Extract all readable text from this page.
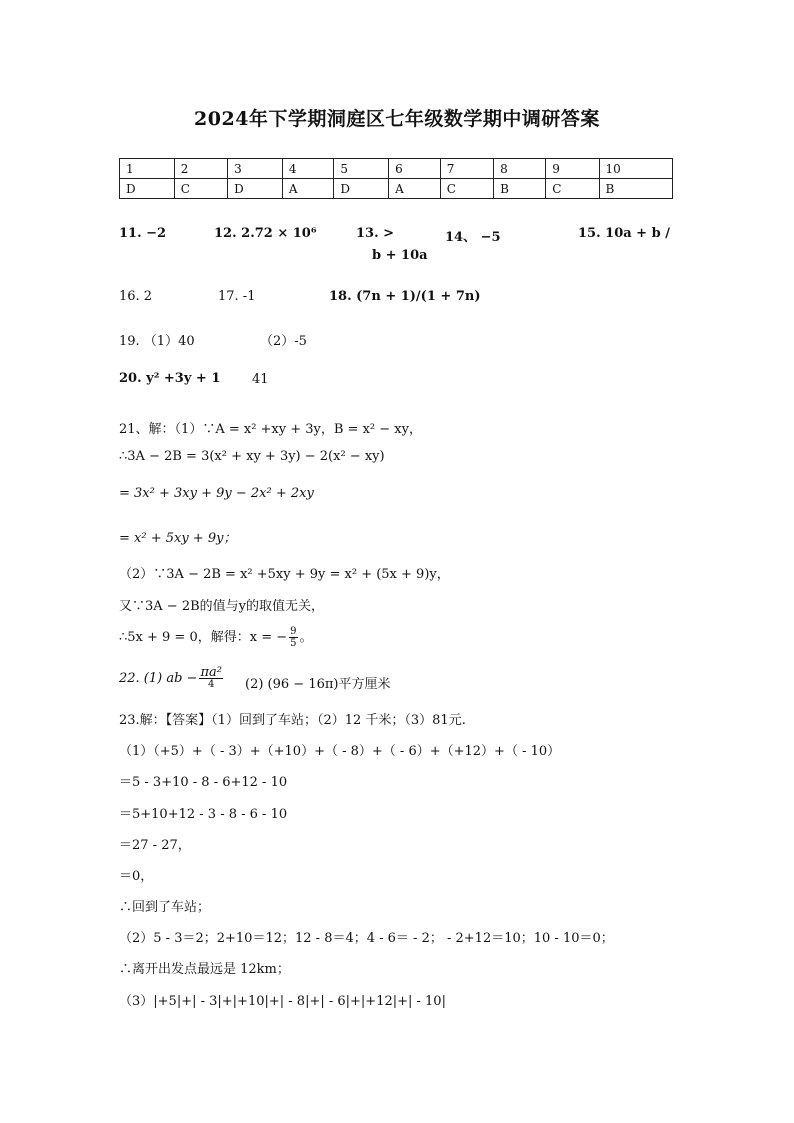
2024年下学期洞庭区七年级数学期中调研答案
1	2	3	4	5	6	7	8	9	10
D	C	D	A	D	A	C	B	C	B
11. −2	12. 2.72 × 10⁶	13. >	14、 −5	15. 10a + b /
b + 10a
16. 2	17. -1	18. (7n + 1)/(1 + 7n)
19. （1）40	（2）-5
20. y² +3y + 1 41
21、解：（1）∵A = x² +xy + 3y，B = x² − xy，
∴3A − 2B = 3(x² + xy + 3y) − 2(x² − xy)
= 3x² + 3xy + 9y − 2x² + 2xy
= x² + 5xy + 9y；
（2）∵3A − 2B = x² +5xy + 9y = x² + (5x + 9)y，
又∵3A − 2B的值与y的取值无关，
∴5x + 9 = 0，解得：x = − $\frac{9}{5}$ 。
22. (1) ab − $\frac{\text{πa²}}{4} (2) (96 - 16\pi)$平方厘米
23.解：【答案】（1）回到了车站；（2）12 千米；（3）81元.
（1）（+5）+（ - 3）+（+10）+（ - 8）+（ - 6）+（+12）+（ - 10）
＝5 - 3+10 - 8 - 6+12 - 10
＝5+10+12 - 3 - 8 - 6 - 10
＝27 - 27，
＝0，
∴回到了车站；
（2）5 - 3＝2；2+10＝12；12 - 8＝4；4 - 6＝ - 2； - 2+12＝10；10 - 10＝0；
∴离开出发点最远是 12km；
（3）|+5|+| - 3|+|+10|+| - 8|+| - 6|+|+12|+| - 10|
